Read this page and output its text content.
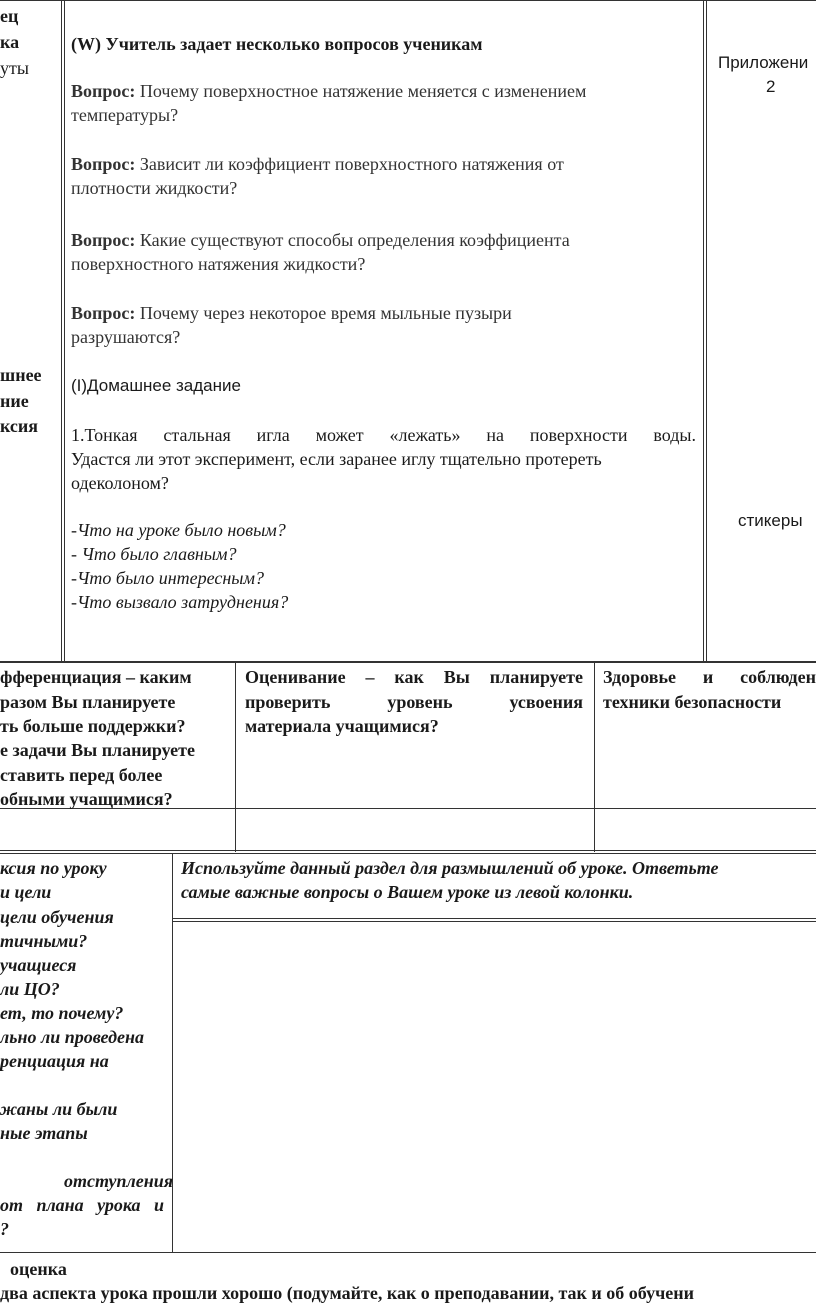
ец
ка
уты
шнее
ние
ксия
(W) Учитель задает несколько вопросов ученикам
Вопрос: Почему поверхностное натяжение меняется с изменением
температуры?
Вопрос: Зависит ли коэффициент поверхностного натяжения от
плотности жидкости?
Вопрос: Какие существуют способы определения коэффициента
поверхностного натяжения жидкости?
Вопрос: Почему через некоторое время мыльные пузыри
разрушаются?
(I)Домашнее задание
1.Тонкая стальная игла может «лежать» на поверхности воды.
Удастся ли этот эксперимент, если заранее иглу тщательно протереть
одеколоном?
-Что на уроке было новым?
- Что было главным?
-Что было интересным?
-Что вызвало затруднения?
Приложени
2
стикеры
фференциация – каким
разом Вы планируете
ть больше поддержки?
е задачи Вы планируете
ставить перед более
обными учащимися?
Оценивание – как Вы планируете
проверить уровень усвоения
материала учащимися?
Здоровье и соблюден
техники безопасности
ксия по уроку
и цели
цели обучения
тичными?
учащиеся
ли ЦО?
ет, то почему?
льно ли проведена
ренциация на
жаны ли были
ные этапы
отступления
от плана урока и
?
Используйте данный раздел для размышлений об уроке. Ответьте
самые важные вопросы о Вашем уроке из левой колонки.
оценка
два аспекта урока прошли хорошо (подумайте, как о преподавании, так и об обучени
